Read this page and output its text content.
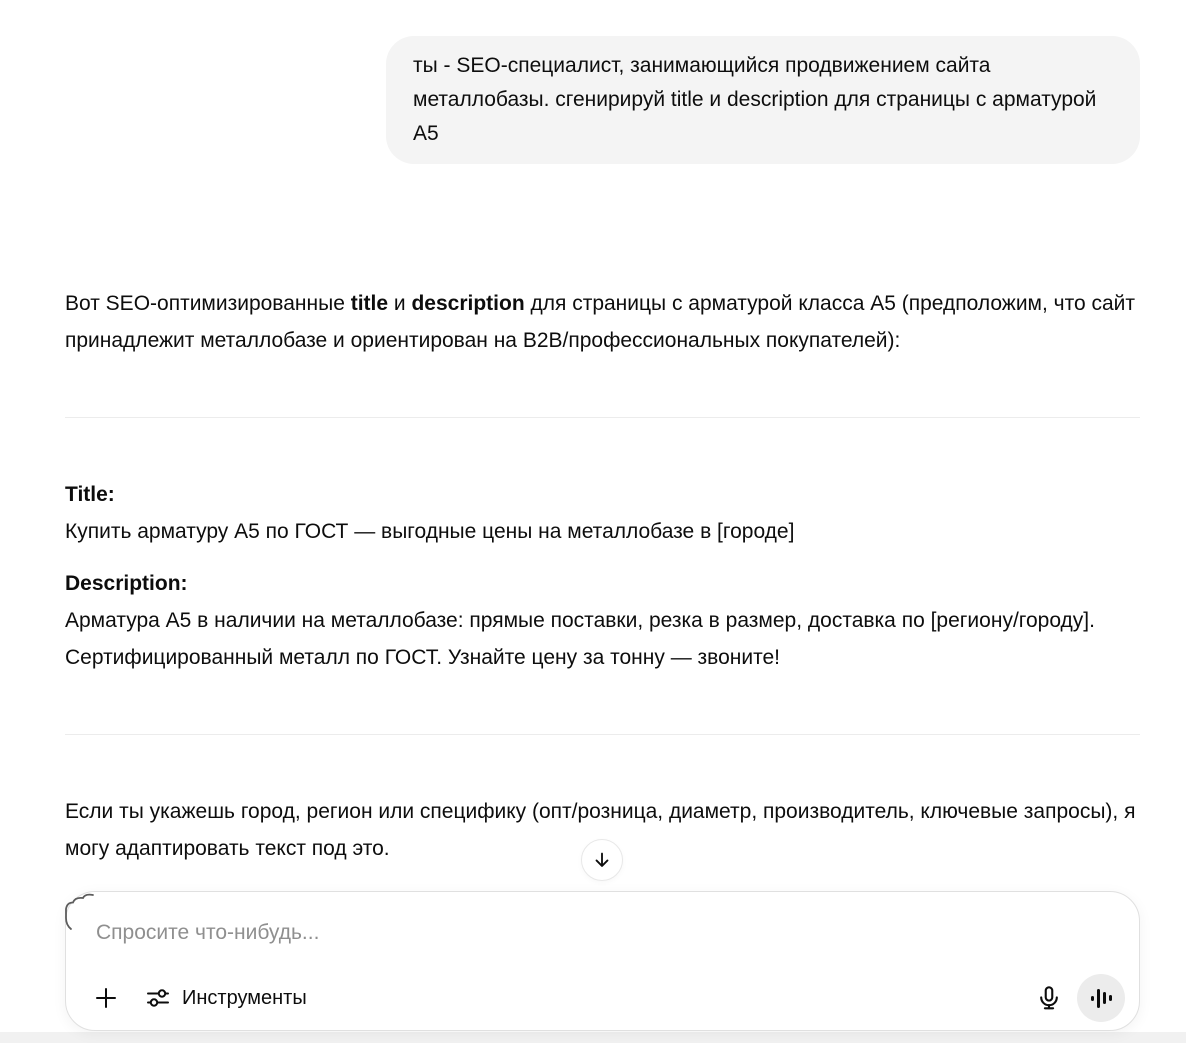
ты - SEO-специалист, занимающийся продвижением сайта металлобазы. сгенирируй title и description для страницы с арматурой А5

Вот SEO-оптимизированные title и description для страницы с арматурой класса А5 (предположим, что сайт принадлежит металлобазе и ориентирован на B2B/профессиональных покупателей):

Title:
Купить арматуру А5 по ГОСТ — выгодные цены на металлобазе в [городе]

Description:
Арматура А5 в наличии на металлобазе: прямые поставки, резка в размер, доставка по [региону/городу]. Сертифицированный металл по ГОСТ. Узнайте цену за тонну — звоните!

Если ты укажешь город, регион или специфику (опт/розница, диаметр, производитель, ключевые запросы), я могу адаптировать текст под это.

Спросите что-нибудь...
Инструменты
